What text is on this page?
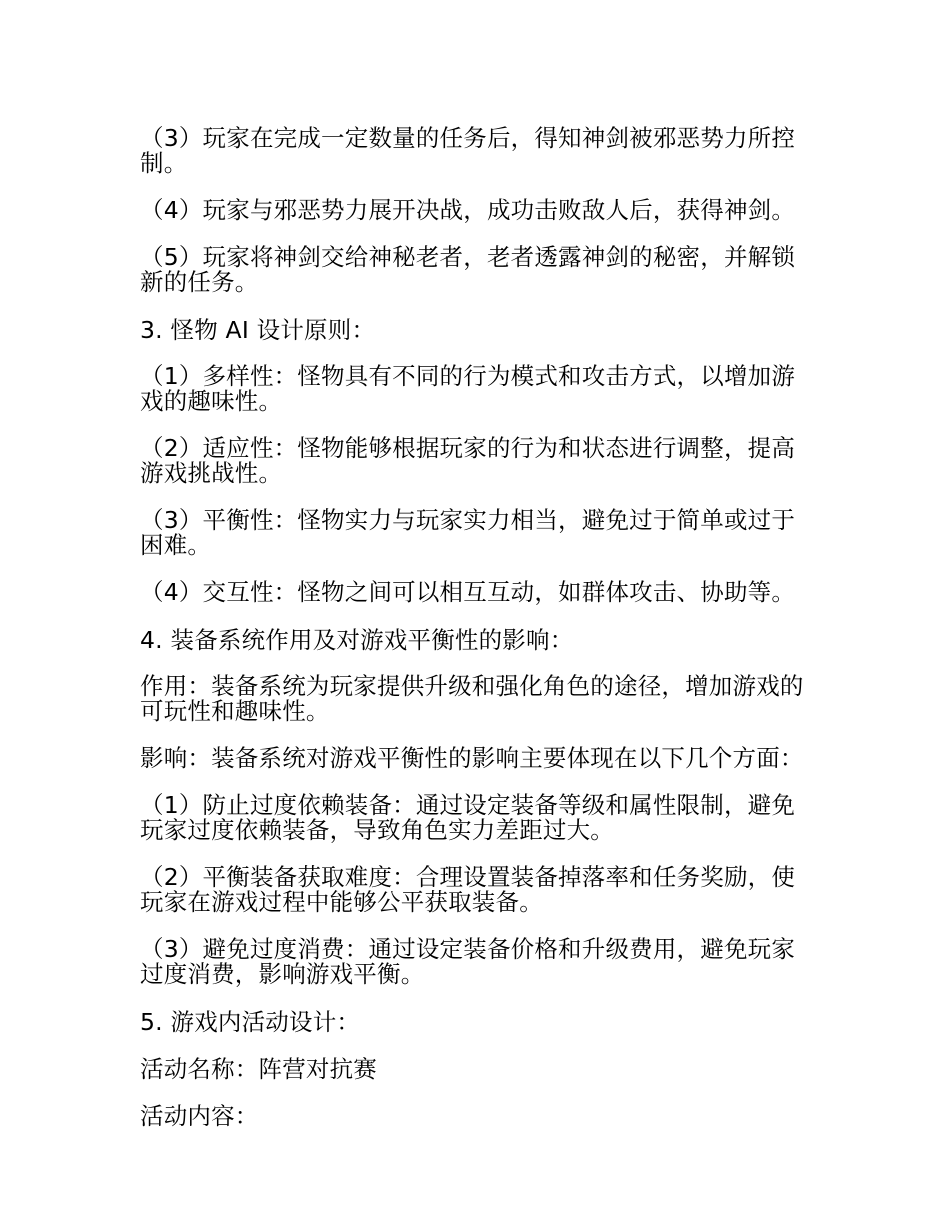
（3）玩家在完成一定数量的任务后，得知神剑被邪恶势力所控制。

（4）玩家与邪恶势力展开决战，成功击败敌人后，获得神剑。

（5）玩家将神剑交给神秘老者，老者透露神剑的秘密，并解锁新的任务。

3. 怪物 AI 设计原则：

（1）多样性：怪物具有不同的行为模式和攻击方式，以增加游戏的趣味性。

（2）适应性：怪物能够根据玩家的行为和状态进行调整，提高游戏挑战性。

（3）平衡性：怪物实力与玩家实力相当，避免过于简单或过于困难。

（4）交互性：怪物之间可以相互互动，如群体攻击、协助等。

4. 装备系统作用及对游戏平衡性的影响：

作用：装备系统为玩家提供升级和强化角色的途径，增加游戏的可玩性和趣味性。

影响：装备系统对游戏平衡性的影响主要体现在以下几个方面：

（1）防止过度依赖装备：通过设定装备等级和属性限制，避免玩家过度依赖装备，导致角色实力差距过大。

（2）平衡装备获取难度：合理设置装备掉落率和任务奖励，使玩家在游戏过程中能够公平获取装备。

（3）避免过度消费：通过设定装备价格和升级费用，避免玩家过度消费，影响游戏平衡。

5. 游戏内活动设计：

活动名称：阵营对抗赛

活动内容：
